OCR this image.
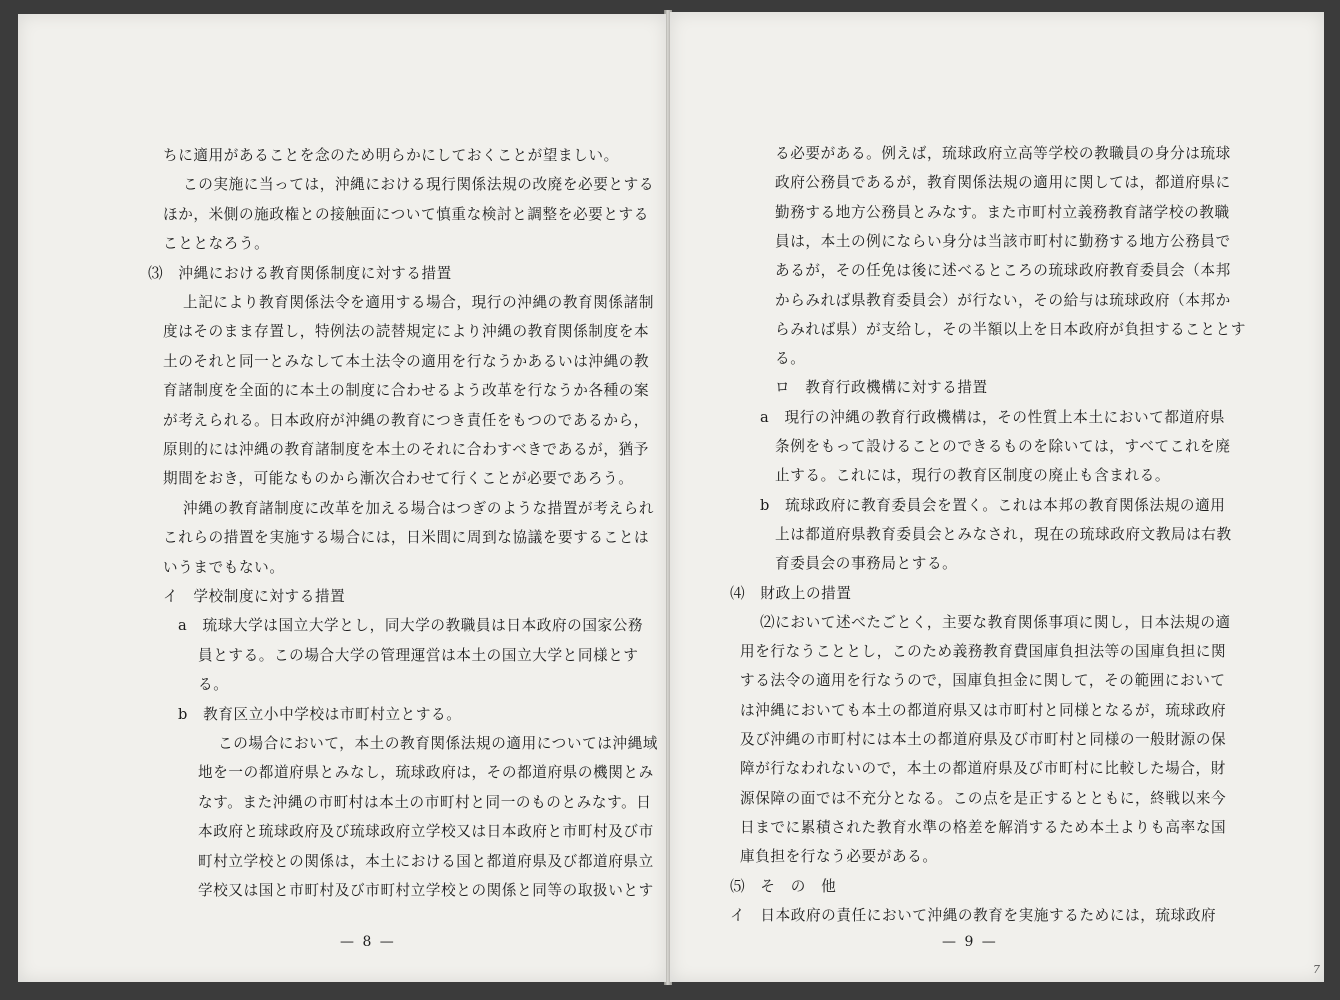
ちに適用があることを念のため明らかにしておくことが望ましい。
この実施に当っては，沖縄における現行関係法規の改廃を必要とする
ほか，米側の施政権との接触面について慎重な検討と調整を必要とする
こととなろう。
⑶　沖縄における教育関係制度に対する措置
上記により教育関係法令を適用する場合，現行の沖縄の教育関係諸制
度はそのまま存置し，特例法の読替規定により沖縄の教育関係制度を本
土のそれと同一とみなして本土法令の適用を行なうかあるいは沖縄の教
育諸制度を全面的に本土の制度に合わせるよう改革を行なうか各種の案
が考えられる。日本政府が沖縄の教育につき責任をもつのであるから，
原則的には沖縄の教育諸制度を本土のそれに合わすべきであるが，猶予
期間をおき，可能なものから漸次合わせて行くことが必要であろう。
沖縄の教育諸制度に改革を加える場合はつぎのような措置が考えられ
これらの措置を実施する場合には，日米間に周到な協議を要することは
いうまでもない。
イ　学校制度に対する措置
a　琉球大学は国立大学とし，同大学の教職員は日本政府の国家公務
員とする。この場合大学の管理運営は本土の国立大学と同様とす
る。
b　教育区立小中学校は市町村立とする。
この場合において，本土の教育関係法規の適用については沖縄域
地を一の都道府県とみなし，琉球政府は，その都道府県の機関とみ
なす。また沖縄の市町村は本土の市町村と同一のものとみなす。日
本政府と琉球政府及び琉球政府立学校又は日本政府と市町村及び市
町村立学校との関係は，本土における国と都道府県及び都道府県立
学校又は国と市町村及び市町村立学校との関係と同等の取扱いとす
— 8 —
る必要がある。例えば，琉球政府立高等学校の教職員の身分は琉球
政府公務員であるが，教育関係法規の適用に関しては，都道府県に
勤務する地方公務員とみなす。また市町村立義務教育諸学校の教職
員は，本土の例にならい身分は当該市町村に勤務する地方公務員で
あるが，その任免は後に述べるところの琉球政府教育委員会（本邦
からみれば県教育委員会）が行ない，その給与は琉球政府（本邦か
らみれば県）が支给し，その半額以上を日本政府が負担することとす
る。
ロ　教育行政機構に対する措置
a　現行の沖縄の教育行政機構は，その性質上本土において都道府県
条例をもって設けることのできるものを除いては，すべてこれを廃
止する。これには，現行の教育区制度の廃止も含まれる。
b　琉球政府に教育委員会を置く。これは本邦の教育関係法規の適用
上は都道府県教育委員会とみなされ，現在の琉球政府文教局は右教
育委員会の事務局とする。
⑷　財政上の措置
⑵において述べたごとく，主要な教育関係事項に関し，日本法規の適
用を行なうこととし，このため義務教育費国庫負担法等の国庫負担に関
する法令の適用を行なうので，国庫負担金に関して，その範囲において
は沖縄においても本土の都道府県又は市町村と同様となるが，琉球政府
及び沖縄の市町村には本土の都道府県及び市町村と同様の一般財源の保
障が行なわれないので，本土の都道府県及び市町村に比較した場合，財
源保障の面では不充分となる。この点を是正するとともに，終戦以来今
日までに累積された教育水準の格差を解消するため本土よりも高率な国
庫負担を行なう必要がある。
⑸　そ　の　他
イ　日本政府の責任において沖縄の教育を実施するためには，琉球政府
— 9 —
7
